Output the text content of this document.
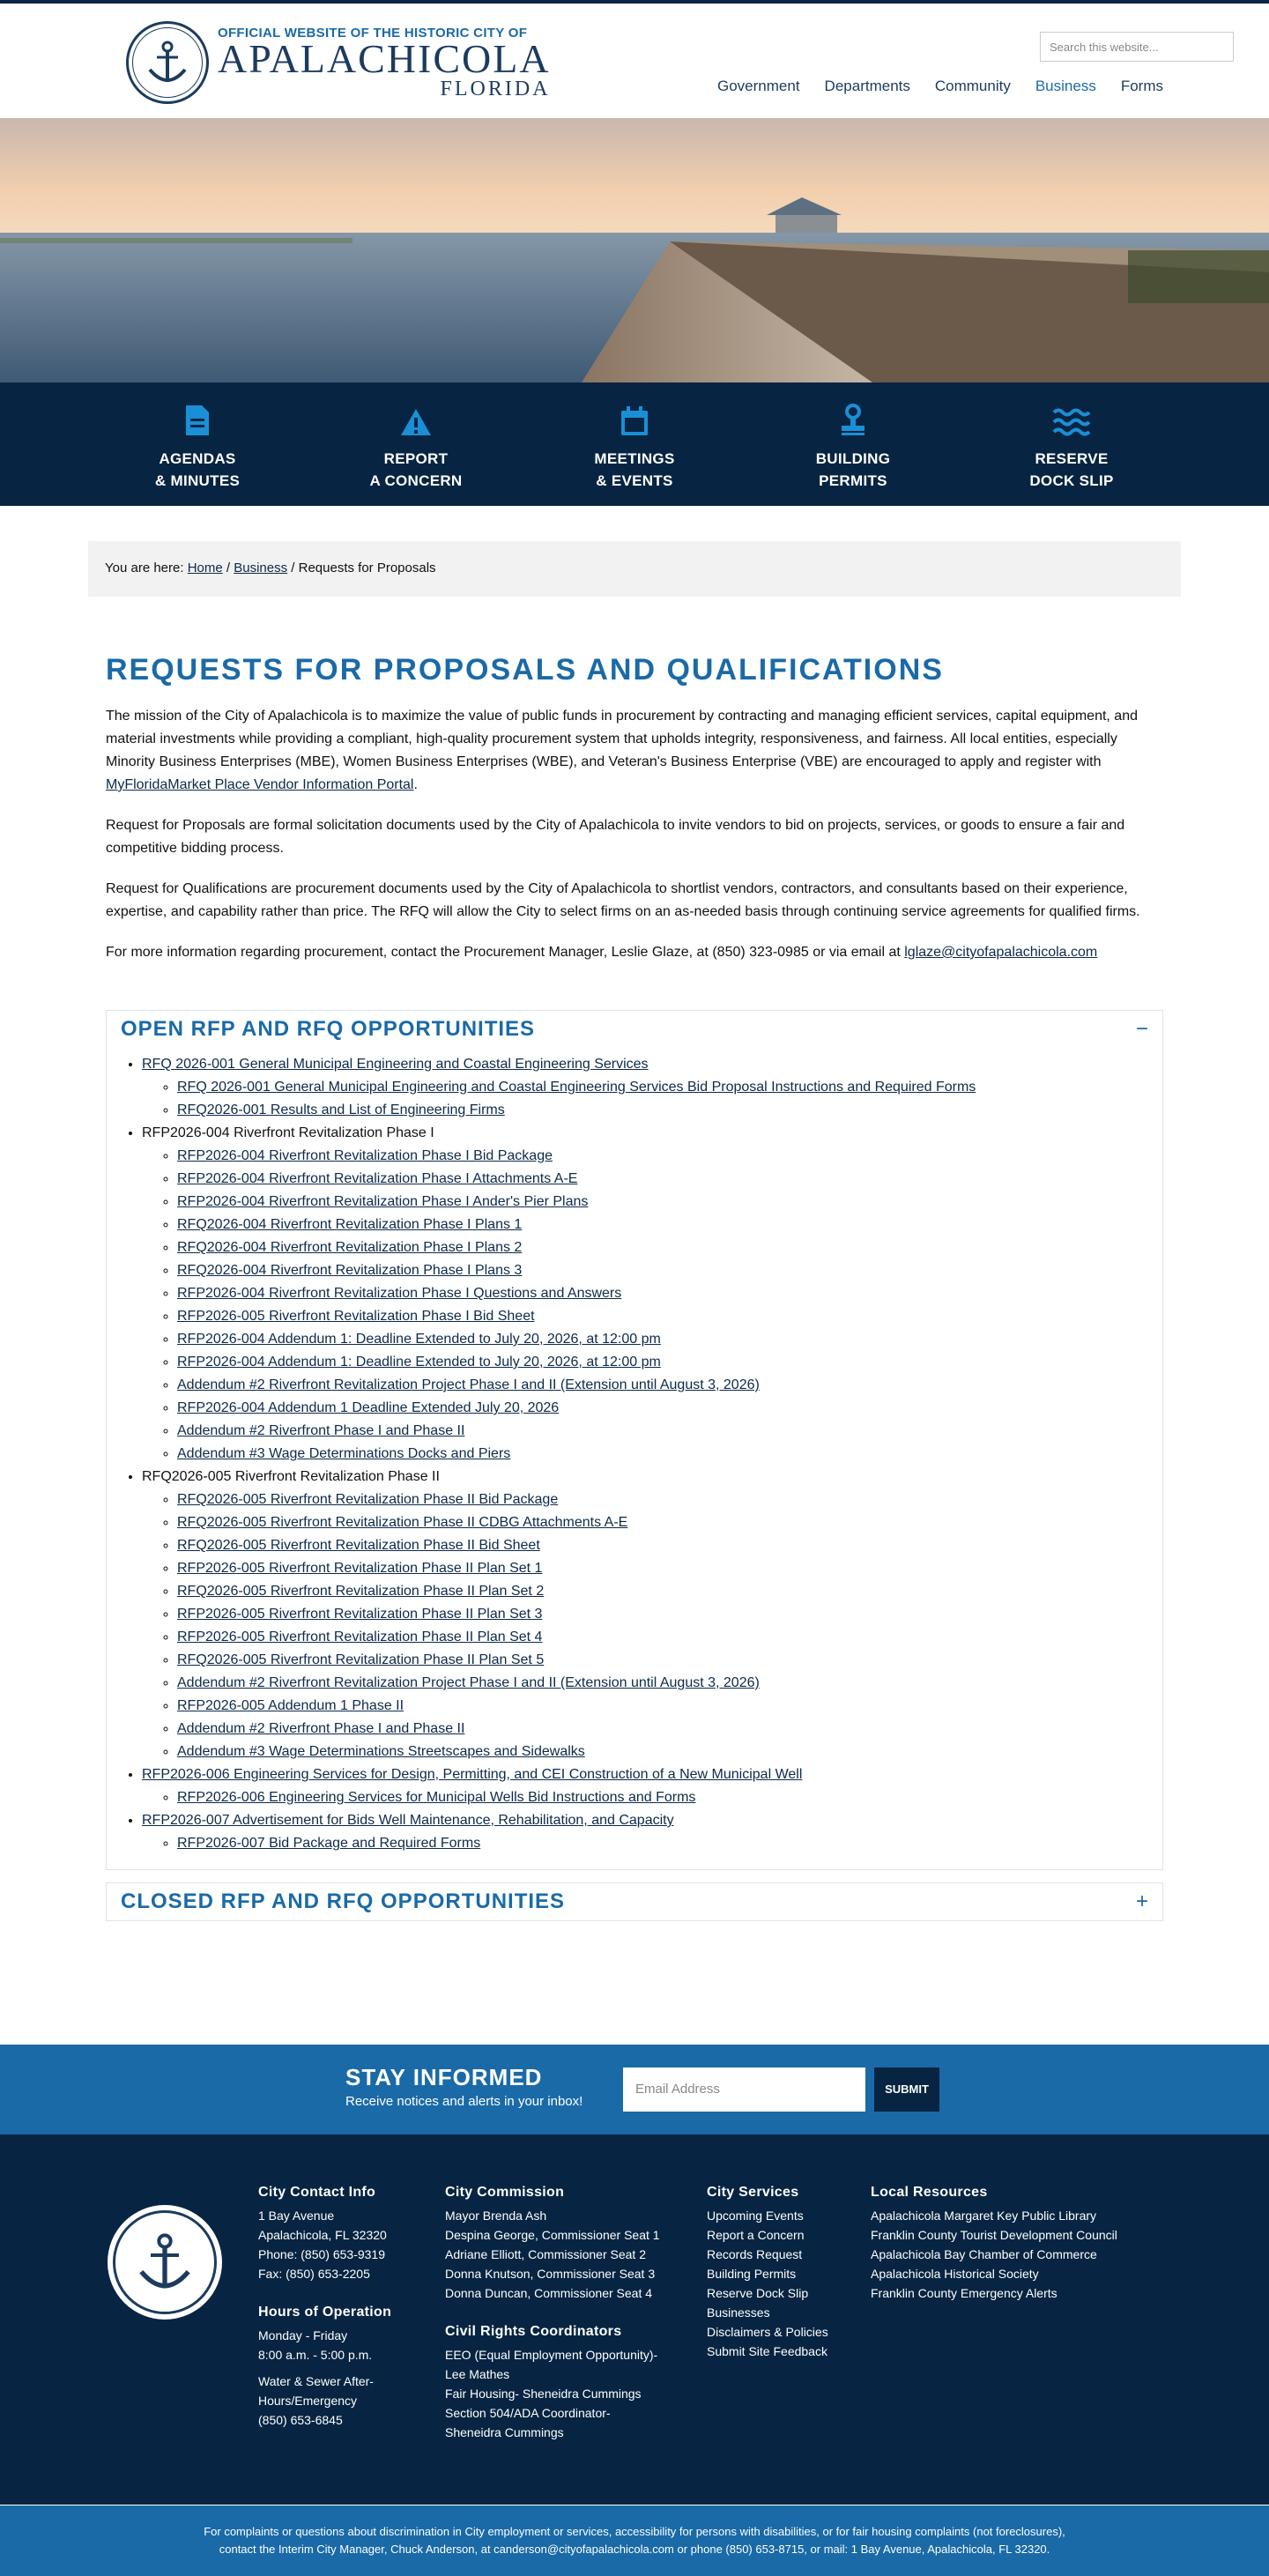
OFFICIAL WEBSITE OF THE HISTORIC CITY OF
APALACHICOLA
FLORIDA
Search this website...
Government Departments Community Business Forms
AGENDAS
& MINUTES
REPORT
A CONCERN
MEETINGS
& EVENTS
BUILDING
PERMITS
RESERVE
DOCK SLIP
You are here: Home / Business / Requests for Proposals
REQUESTS FOR PROPOSALS AND QUALIFICATIONS

The mission of the City of Apalachicola is to maximize the value of public funds in procurement by contracting and managing efficient services, capital equipment, and material investments while providing a compliant, high-quality procurement system that upholds integrity, responsiveness, and fairness. All local entities, especially Minority Business Enterprises (MBE), Women Business Enterprises (WBE), and Veteran's Business Enterprise (VBE) are encouraged to apply and register with MyFloridaMarket Place Vendor Information Portal.

Request for Proposals are formal solicitation documents used by the City of Apalachicola to invite vendors to bid on projects, services, or goods to ensure a fair and competitive bidding process.

Request for Qualifications are procurement documents used by the City of Apalachicola to shortlist vendors, contractors, and consultants based on their experience, expertise, and capability rather than price. The RFQ will allow the City to select firms on an as-needed basis through continuing service agreements for qualified firms.

For more information regarding procurement, contact the Procurement Manager, Leslie Glaze, at (850) 323-0985 or via email at lglaze@cityofapalachicola.com

OPEN RFP AND RFQ OPPORTUNITIES	−
• RFQ 2026-001 General Municipal Engineering and Coastal Engineering Services
◦ RFQ 2026-001 General Municipal Engineering and Coastal Engineering Services Bid Proposal Instructions and Required Forms
◦ RFQ2026-001 Results and List of Engineering Firms
• RFP2026-004 Riverfront Revitalization Phase I
◦ RFP2026-004 Riverfront Revitalization Phase I Bid Package
◦ RFP2026-004 Riverfront Revitalization Phase I Attachments A-E
◦ RFP2026-004 Riverfront Revitalization Phase I Ander's Pier Plans
◦ RFQ2026-004 Riverfront Revitalization Phase I Plans 1
◦ RFQ2026-004 Riverfront Revitalization Phase I Plans 2
◦ RFQ2026-004 Riverfront Revitalization Phase I Plans 3
◦ RFP2026-004 Riverfront Revitalization Phase I Questions and Answers
◦ RFP2026-005 Riverfront Revitalization Phase I Bid Sheet
◦ RFP2026-004 Addendum 1: Deadline Extended to July 20, 2026, at 12:00 pm
◦ RFP2026-004 Addendum 1: Deadline Extended to July 20, 2026, at 12:00 pm
◦ Addendum #2 Riverfront Revitalization Project Phase I and II (Extension until August 3, 2026)
◦ RFP2026-004 Addendum 1 Deadline Extended July 20, 2026
◦ Addendum #2 Riverfront Phase I and Phase II
◦ Addendum #3 Wage Determinations Docks and Piers
• RFQ2026-005 Riverfront Revitalization Phase II
◦ RFQ2026-005 Riverfront Revitalization Phase II Bid Package
◦ RFQ2026-005 Riverfront Revitalization Phase II CDBG Attachments A-E
◦ RFQ2026-005 Riverfront Revitalization Phase II Bid Sheet
◦ RFP2026-005 Riverfront Revitalization Phase II Plan Set 1
◦ RFQ2026-005 Riverfront Revitalization Phase II Plan Set 2
◦ RFP2026-005 Riverfront Revitalization Phase II Plan Set 3
◦ RFP2026-005 Riverfront Revitalization Phase II Plan Set 4
◦ RFQ2026-005 Riverfront Revitalization Phase II Plan Set 5
◦ Addendum #2 Riverfront Revitalization Project Phase I and II (Extension until August 3, 2026)
◦ RFP2026-005 Addendum 1 Phase II
◦ Addendum #2 Riverfront Phase I and Phase II
◦ Addendum #3 Wage Determinations Streetscapes and Sidewalks
• RFP2026-006 Engineering Services for Design, Permitting, and CEI Construction of a New Municipal Well
◦ RFP2026-006 Engineering Services for Municipal Wells Bid Instructions and Forms
• RFP2026-007 Advertisement for Bids Well Maintenance, Rehabilitation, and Capacity
◦ RFP2026-007 Bid Package and Required Forms
CLOSED RFP AND RFQ OPPORTUNITIES	+
STAY INFORMED
Receive notices and alerts in your inbox!
Email Address	SUBMIT
City Contact Info
1 Bay Avenue
Apalachicola, FL 32320
Phone: (850) 653-9319
Fax: (850) 653-2205
Hours of Operation
Monday - Friday
8:00 a.m. - 5:00 p.m.
Water & Sewer After-
Hours/Emergency
(850) 653-6845
City Commission
Mayor Brenda Ash
Despina George, Commissioner Seat 1
Adriane Elliott, Commissioner Seat 2
Donna Knutson, Commissioner Seat 3
Donna Duncan, Commissioner Seat 4
Civil Rights Coordinators
EEO (Equal Employment Opportunity)-
Lee Mathes
Fair Housing- Sheneidra Cummings
Section 504/ADA Coordinator-
Sheneidra Cummings
City Services
Upcoming Events
Report a Concern
Records Request
Building Permits
Reserve Dock Slip
Businesses
Disclaimers & Policies
Submit Site Feedback
Local Resources
Apalachicola Margaret Key Public Library
Franklin County Tourist Development Council
Apalachicola Bay Chamber of Commerce
Apalachicola Historical Society
Franklin County Emergency Alerts
For complaints or questions about discrimination in City employment or services, accessibility for persons with disabilities, or for fair housing complaints (not foreclosures),
contact the Interim City Manager, Chuck Anderson, at canderson@cityofapalachicola.com or phone (850) 653-8715, or mail: 1 Bay Avenue, Apalachicola, FL 32320.
